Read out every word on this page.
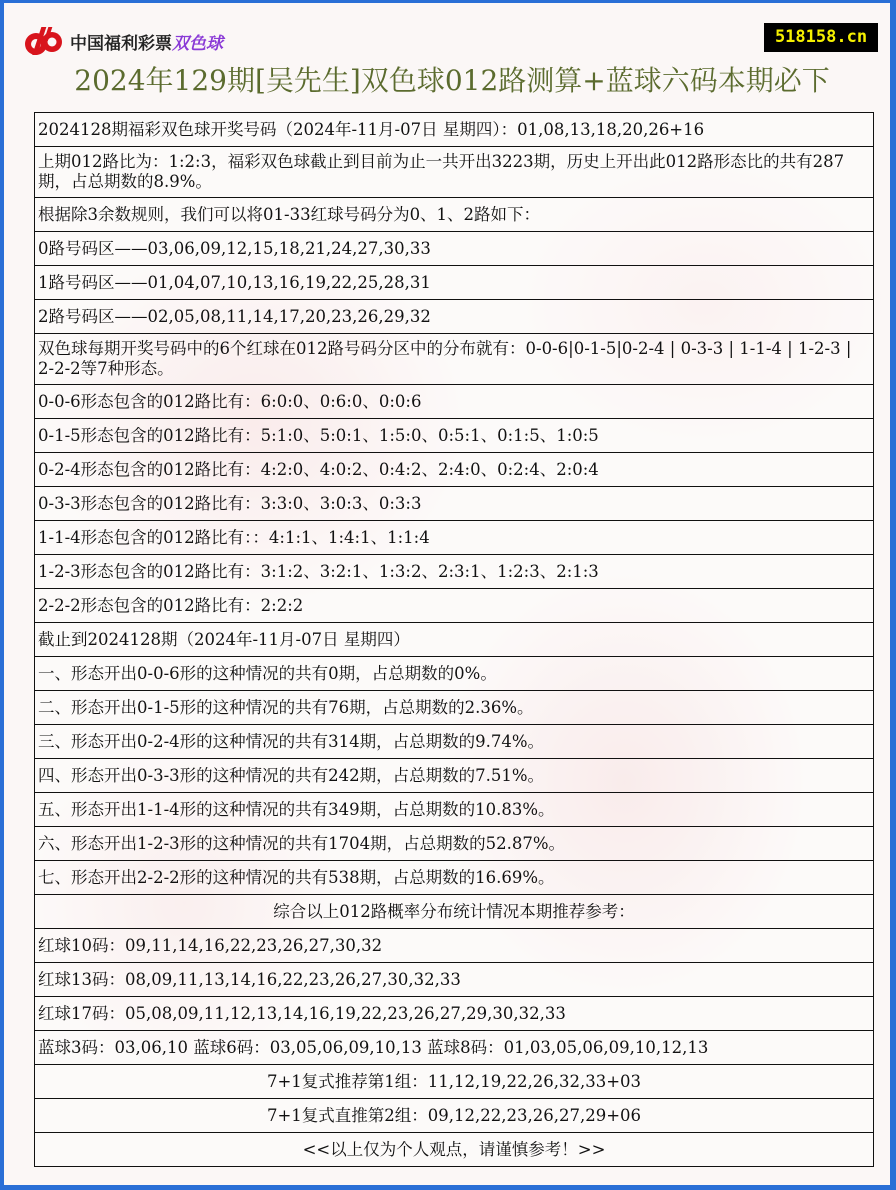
中国福利彩票双色球	518158.cn
2024年129期[吴先生]双色球012路测算+蓝球六码本期必下
2024128期福彩双色球开奖号码（2024年-11月-07日 星期四）：01,08,13,18,20,26+16
上期012路比为：1:2:3，福彩双色球截止到目前为止一共开出3223期，历史上开出此012路形态比的共有287期，占总期数的8.9%。
根据除3余数规则，我们可以将01-33红球号码分为0、1、2路如下：
0路号码区——03,06,09,12,15,18,21,24,27,30,33
1路号码区——01,04,07,10,13,16,19,22,25,28,31
2路号码区——02,05,08,11,14,17,20,23,26,29,32
双色球每期开奖号码中的6个红球在012路号码分区中的分布就有：0-0-6|0-1-5|0-2-4 | 0-3-3 | 1-1-4 | 1-2-3 | 2-2-2等7种形态。
0-0-6形态包含的012路比有：6:0:0、0:6:0、0:0:6
0-1-5形态包含的012路比有：5:1:0、5:0:1、1:5:0、0:5:1、0:1:5、1:0:5
0-2-4形态包含的012路比有：4:2:0、4:0:2、0:4:2、2:4:0、0:2:4、2:0:4
0-3-3形态包含的012路比有：3:3:0、3:0:3、0:3:3
1-1-4形态包含的012路比有：：4:1:1、1:4:1、1:1:4
1-2-3形态包含的012路比有：3:1:2、3:2:1、1:3:2、2:3:1、1:2:3、2:1:3
2-2-2形态包含的012路比有：2:2:2
截止到2024128期（2024年-11月-07日 星期四）
一、形态开出0-0-6形的这种情况的共有0期，占总期数的0%。
二、形态开出0-1-5形的这种情况的共有76期，占总期数的2.36%。
三、形态开出0-2-4形的这种情况的共有314期，占总期数的9.74%。
四、形态开出0-3-3形的这种情况的共有242期，占总期数的7.51%。
五、形态开出1-1-4形的这种情况的共有349期，占总期数的10.83%。
六、形态开出1-2-3形的这种情况的共有1704期，占总期数的52.87%。
七、形态开出2-2-2形的这种情况的共有538期，占总期数的16.69%。
综合以上012路概率分布统计情况本期推荐参考：
红球10码：09,11,14,16,22,23,26,27,30,32
红球13码：08,09,11,13,14,16,22,23,26,27,30,32,33
红球17码：05,08,09,11,12,13,14,16,19,22,23,26,27,29,30,32,33
蓝球3码：03,06,10 蓝球6码：03,05,06,09,10,13 蓝球8码：01,03,05,06,09,10,12,13
7+1复式推荐第1组：11,12,19,22,26,32,33+03
7+1复式直推第2组：09,12,22,23,26,27,29+06
<<以上仅为个人观点，请谨慎参考！>>
